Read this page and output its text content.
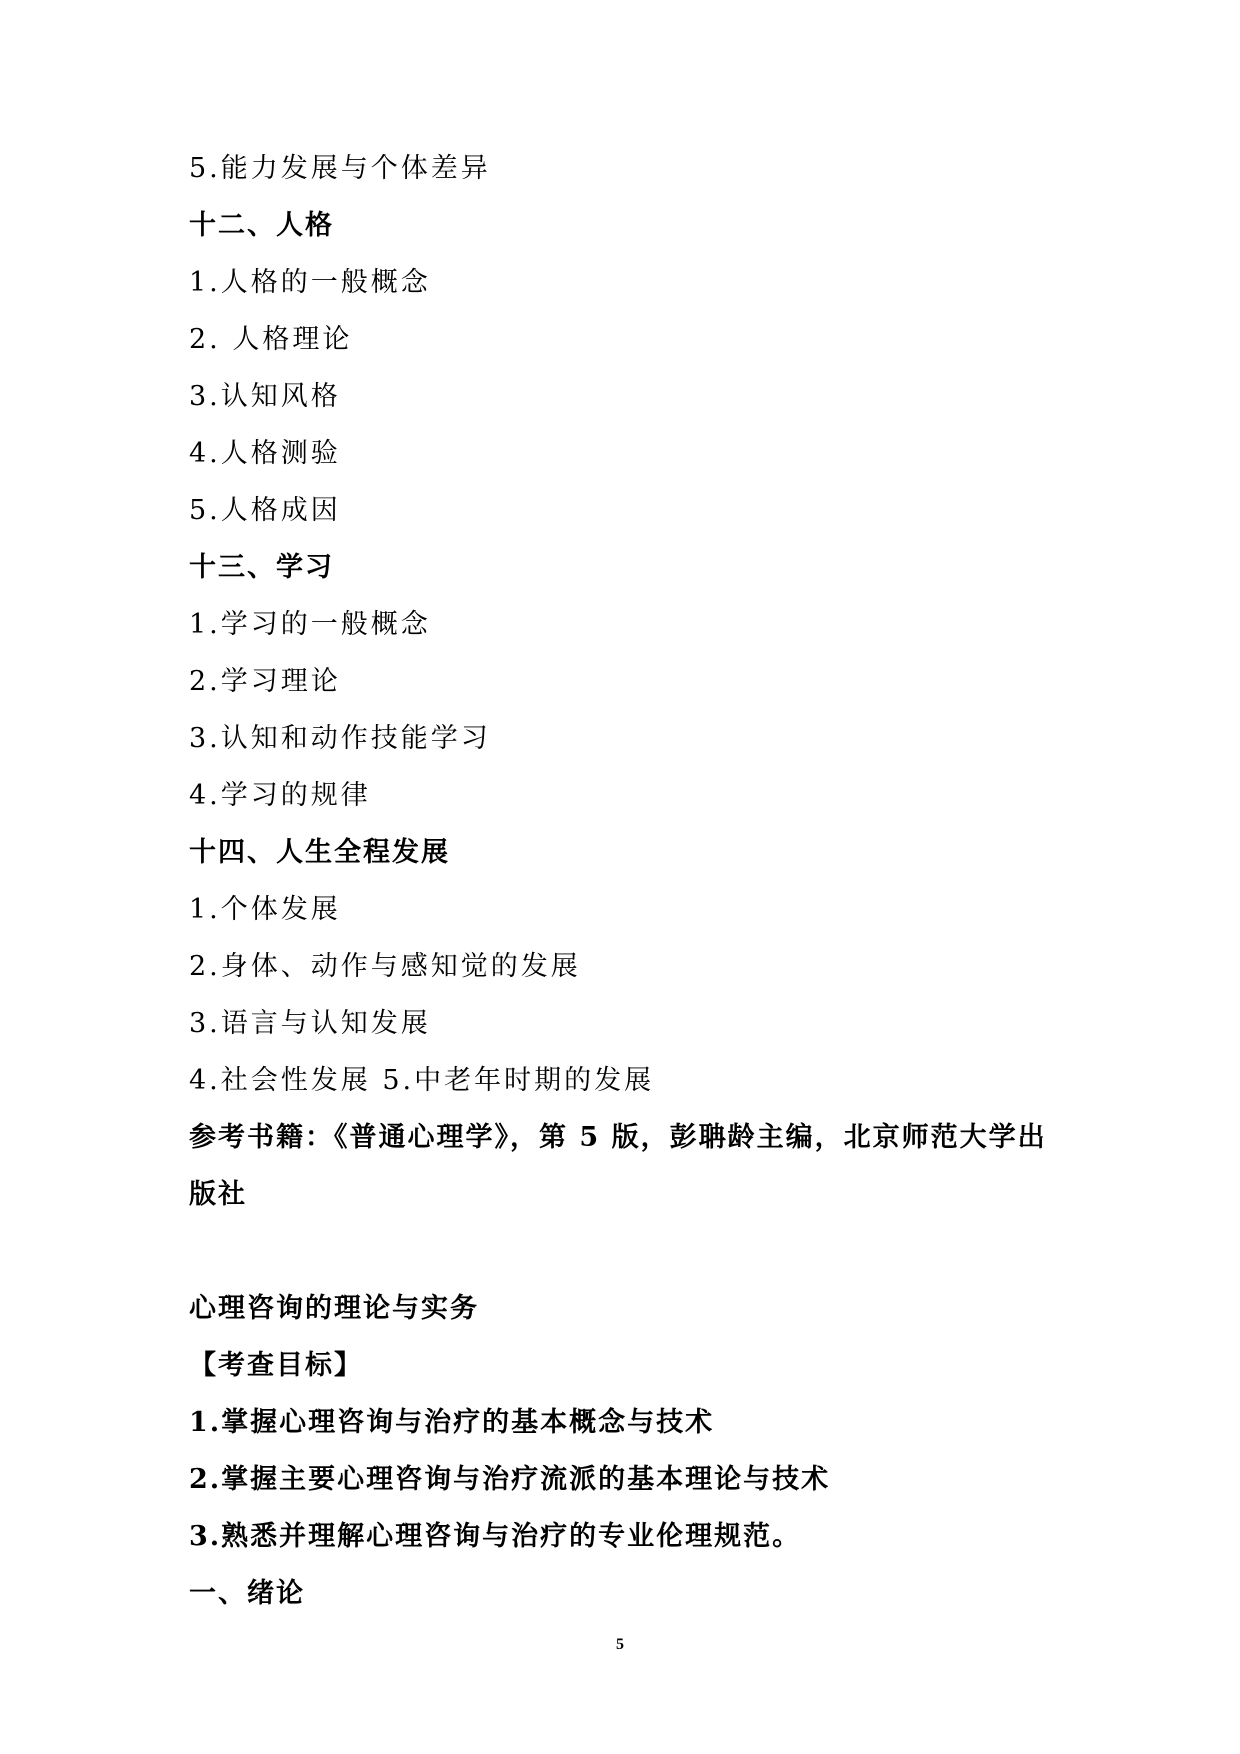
5.能力发展与个体差异
十二、人格
1.人格的一般概念
2. 人格理论
3.认知风格
4.人格测验
5.人格成因
十三、学习
1.学习的一般概念
2.学习理论
3.认知和动作技能学习
4.学习的规律
十四、人生全程发展
1.个体发展
2.身体、动作与感知觉的发展
3.语言与认知发展
4.社会性发展 5.中老年时期的发展
参考书籍：《普通心理学》，第 5 版，彭聃龄主编，北京师范大学出版社
心理咨询的理论与实务
【考查目标】
1.掌握心理咨询与治疗的基本概念与技术
2.掌握主要心理咨询与治疗流派的基本理论与技术
3.熟悉并理解心理咨询与治疗的专业伦理规范。
一、绪论
5
